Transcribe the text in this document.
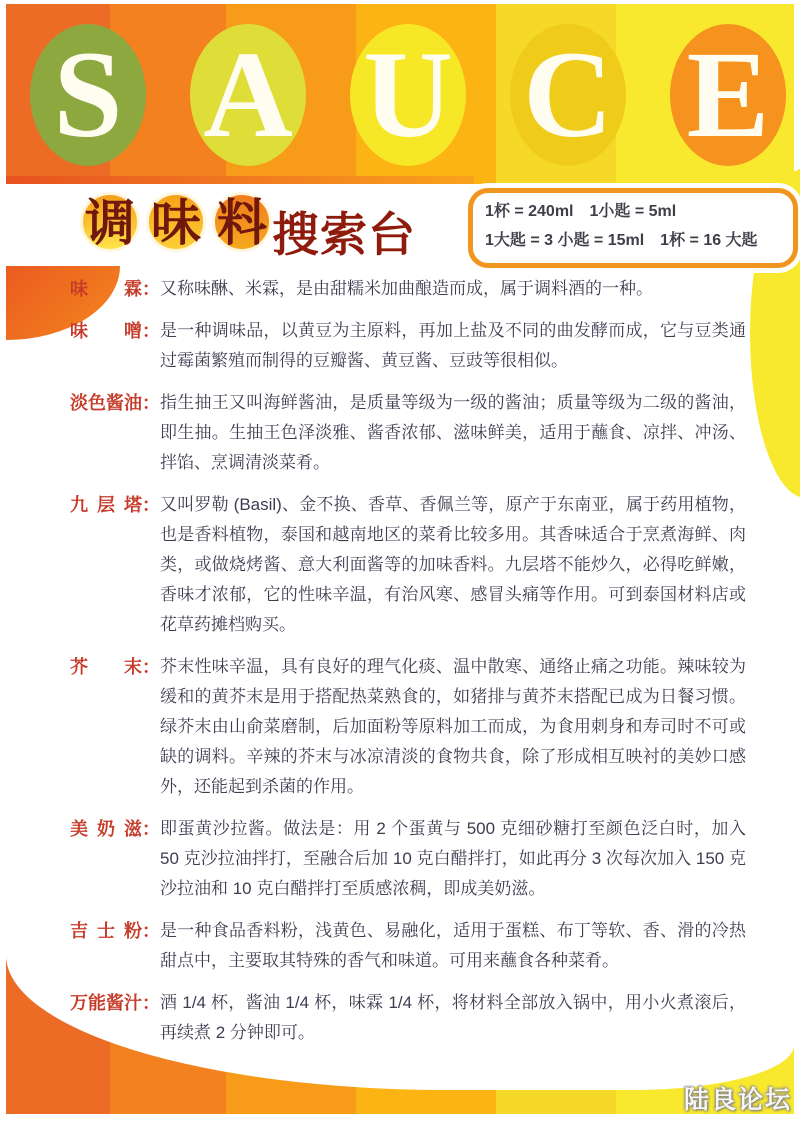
S A U C E
调 味 料 搜索台	1杯 = 240ml　1小匙 = 5ml
1大匙 = 3 小匙 = 15ml　1杯 = 16 大匙
味 霖 ： 又称味醂、米霖，是由甜糯米加曲酿造而成，属于调料酒的一种。
味 噌 ： 是一种调味品，以黄豆为主原料，再加上盐及不同的曲发酵而成，它与豆类通过霉菌繁殖而制得的豆瓣酱、黄豆酱、豆豉等很相似。
淡 色 酱 油 ： 指生抽王又叫海鲜酱油，是质量等级为一级的酱油；质量等级为二级的酱油，即生抽。生抽王色泽淡雅、酱香浓郁、滋味鲜美，适用于蘸食、凉拌、冲汤、拌馅、烹调清淡菜肴。
九 层 塔 ： 又叫罗勒 (Basil)、金不换、香草、香佩兰等，原产于东南亚，属于药用植物，也是香料植物，泰国和越南地区的菜肴比较多用。其香味适合于烹煮海鲜、肉类，或做烧烤酱、意大利面酱等的加味香料。九层塔不能炒久，必得吃鲜嫩，香味才浓郁，它的性味辛温，有治风寒、感冒头痛等作用。可到泰国材料店或花草药摊档购买。
芥 末 ： 芥末性味辛温，具有良好的理气化痰、温中散寒、通络止痛之功能。辣味较为缓和的黄芥末是用于搭配热菜熟食的，如猪排与黄芥末搭配已成为日餐习惯。绿芥末由山俞菜磨制，后加面粉等原料加工而成，为食用刺身和寿司时不可或缺的调料。辛辣的芥末与冰凉清淡的食物共食，除了形成相互映衬的美妙口感外，还能起到杀菌的作用。
美 奶 滋 ： 即蛋黄沙拉酱。做法是：用 2 个蛋黄与 500 克细砂糖打至颜色泛白时，加入 50 克沙拉油拌打，至融合后加 10 克白醋拌打，如此再分 3 次每次加入 150 克沙拉油和 10 克白醋拌打至质感浓稠，即成美奶滋。
吉 士 粉 ： 是一种食品香料粉，浅黄色、易融化，适用于蛋糕、布丁等软、香、滑的冷热甜点中，主要取其特殊的香气和味道。可用来蘸食各种菜肴。
万 能 酱 汁 ： 酒 1/4 杯，酱油 1/4 杯，味霖 1/4 杯，将材料全部放入锅中，用小火煮滚后，再续煮 2 分钟即可。
陆良论坛
